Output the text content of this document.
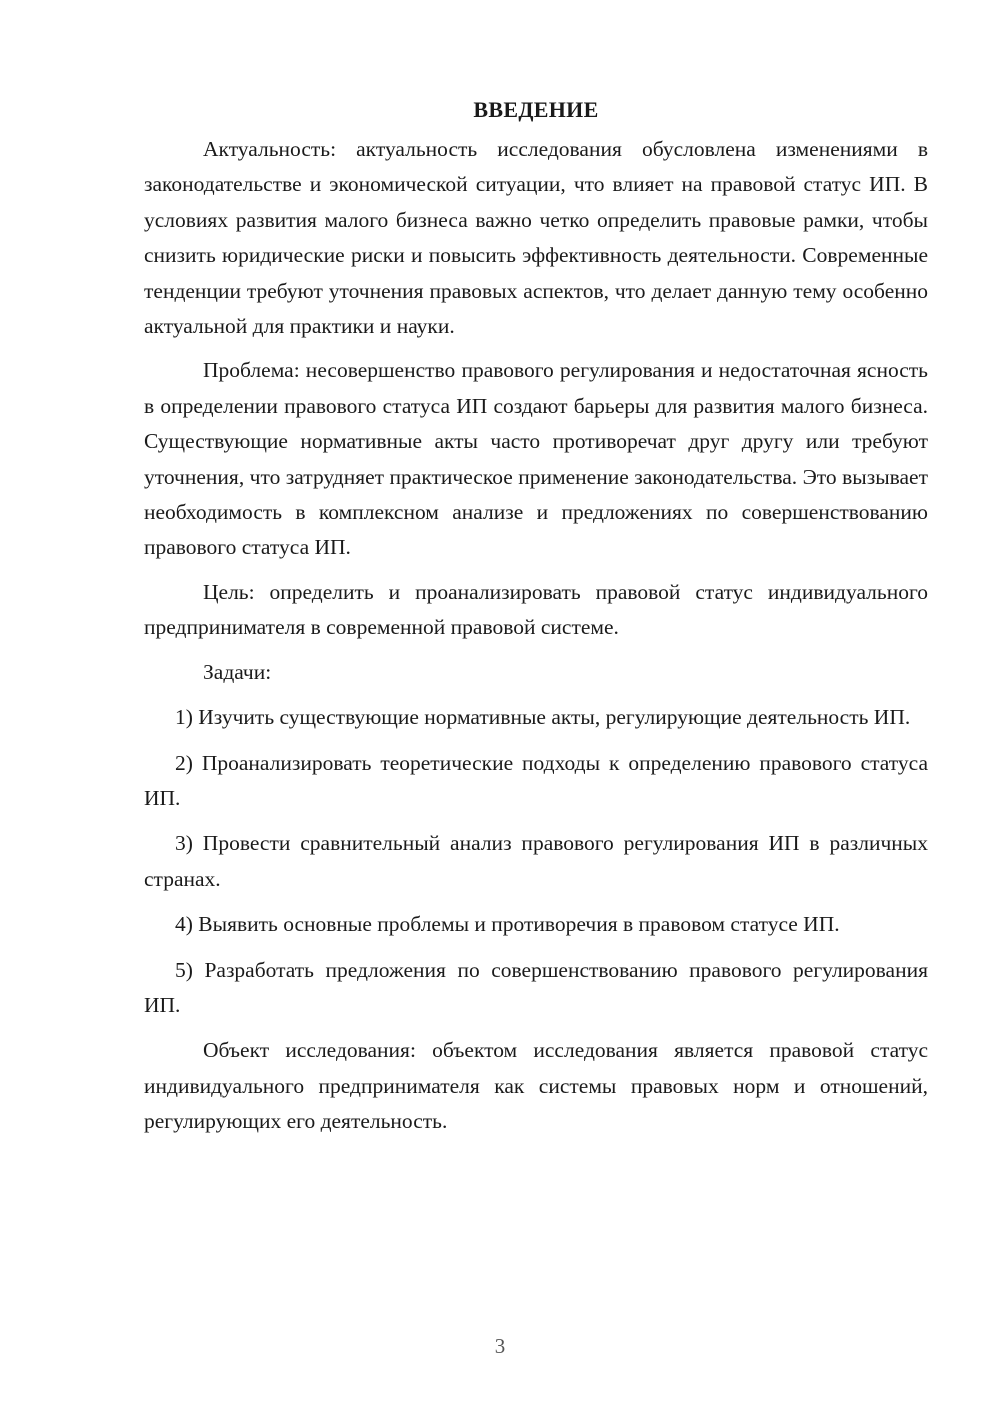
ВВЕДЕНИЕ

Актуальность: актуальность исследования обусловлена изменениями в законодательстве и экономической ситуации, что влияет на правовой статус ИП. В условиях развития малого бизнеса важно четко определить правовые рамки, чтобы снизить юридические риски и повысить эффективность деятельности. Современные тенденции требуют уточнения правовых аспектов, что делает данную тему особенно актуальной для практики и науки.

Проблема: несовершенство правового регулирования и недостаточная ясность в определении правового статуса ИП создают барьеры для развития малого бизнеса. Существующие нормативные акты часто противоречат друг другу или требуют уточнения, что затрудняет практическое применение законодательства. Это вызывает необходимость в комплексном анализе и предложениях по совершенствованию правового статуса ИП.

Цель: определить и проанализировать правовой статус индивидуального предпринимателя в современной правовой системе.

Задачи:

1) Изучить существующие нормативные акты, регулирующие деятельность ИП.

2) Проанализировать теоретические подходы к определению правового статуса ИП.

3) Провести сравнительный анализ правового регулирования ИП в различных странах.

4) Выявить основные проблемы и противоречия в правовом статусе ИП.

5) Разработать предложения по совершенствованию правового регулирования ИП.

Объект исследования: объектом исследования является правовой статус индивидуального предпринимателя как системы правовых норм и отношений, регулирующих его деятельность.

3
